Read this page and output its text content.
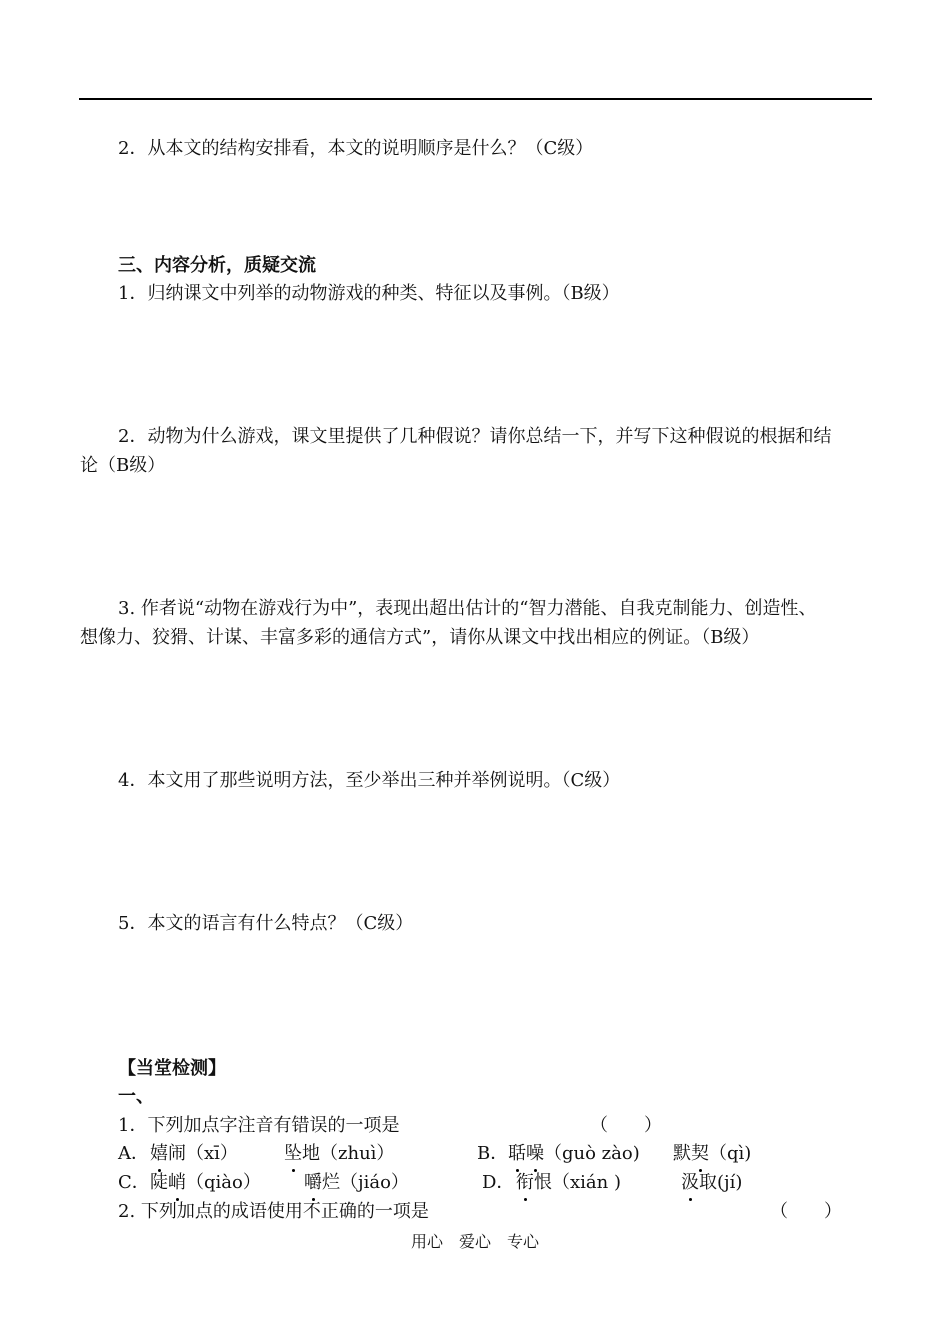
2．从本文的结构安排看，本文的说明顺序是什么？（C级）
三、内容分析，质疑交流
1．归纳课文中列举的动物游戏的种类、特征以及事例。（B级）
2．动物为什么游戏，课文里提供了几种假说？请你总结一下，并写下这种假说的根据和结
论（B级）
3. 作者说“动物在游戏行为中”，表现出超出估计的“智力潜能、自我克制能力、创造性、
想像力、狡猾、计谋、丰富多彩的通信方式”，请你从课文中找出相应的例证。（B级）
4．本文用了那些说明方法，至少举出三种并举例说明。（C级）
5．本文的语言有什么特点？（C级）
【当堂检测】
一、
1．下列加点字注音有错误的一项是	（　　）
A． 嬉闹（xī）	坠地（zhuì）	B． 聒噪（guò zào) 默契（qì)
C． 陡峭（qiào） 嚼烂（jiáo）	D． 衔恨（xián )	汲取(jí)
2. 下列加点的成语使用不正确的一项是	（　　）
用心　爱心　专心
